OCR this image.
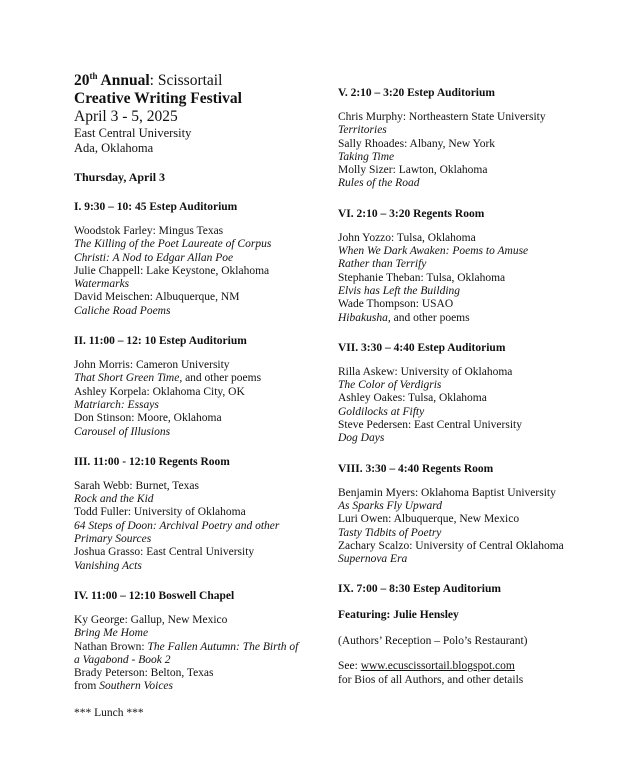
20th Annual: Scissortail
Creative Writing Festival
April 3 - 5, 2025
East Central University
Ada, Oklahoma
Thursday, April 3
I. 9:30 – 10: 45 Estep Auditorium
Woodstok Farley: Mingus Texas
The Killing of the Poet Laureate of Corpus
Christi: A Nod to Edgar Allan Poe
Julie Chappell: Lake Keystone, Oklahoma
Watermarks
David Meischen: Albuquerque, NM
Caliche Road Poems
II. 11:00 – 12: 10 Estep Auditorium
John Morris: Cameron University
That Short Green Time, and other poems
Ashley Korpela: Oklahoma City, OK
Matriarch: Essays
Don Stinson: Moore, Oklahoma
Carousel of Illusions
III. 11:00 - 12:10 Regents Room
Sarah Webb: Burnet, Texas
Rock and the Kid
Todd Fuller: University of Oklahoma
64 Steps of Doon: Archival Poetry and other
Primary Sources
Joshua Grasso: East Central University
Vanishing Acts
IV. 11:00 – 12:10 Boswell Chapel
Ky George: Gallup, New Mexico
Bring Me Home
Nathan Brown: The Fallen Autumn: The Birth of
a Vagabond - Book 2
Brady Peterson: Belton, Texas
from Southern Voices
*** Lunch ***
V. 2:10 – 3:20 Estep Auditorium
Chris Murphy: Northeastern State University
Territories
Sally Rhoades: Albany, New York
Taking Time
Molly Sizer: Lawton, Oklahoma
Rules of the Road
VI. 2:10 – 3:20 Regents Room
John Yozzo: Tulsa, Oklahoma
When We Dark Awaken: Poems to Amuse
Rather than Terrify
Stephanie Theban: Tulsa, Oklahoma
Elvis has Left the Building
Wade Thompson: USAO
Hibakusha, and other poems
VII. 3:30 – 4:40 Estep Auditorium
Rilla Askew: University of Oklahoma
The Color of Verdigris
Ashley Oakes: Tulsa, Oklahoma
Goldilocks at Fifty
Steve Pedersen: East Central University
Dog Days
VIII. 3:30 – 4:40 Regents Room
Benjamin Myers: Oklahoma Baptist University
As Sparks Fly Upward
Luri Owen: Albuquerque, New Mexico
Tasty Tidbits of Poetry
Zachary Scalzo: University of Central Oklahoma
Supernova Era
IX. 7:00 – 8:30 Estep Auditorium
Featuring: Julie Hensley
(Authors’ Reception – Polo’s Restaurant)
See: www.ecuscissortail.blogspot.com
for Bios of all Authors, and other details
